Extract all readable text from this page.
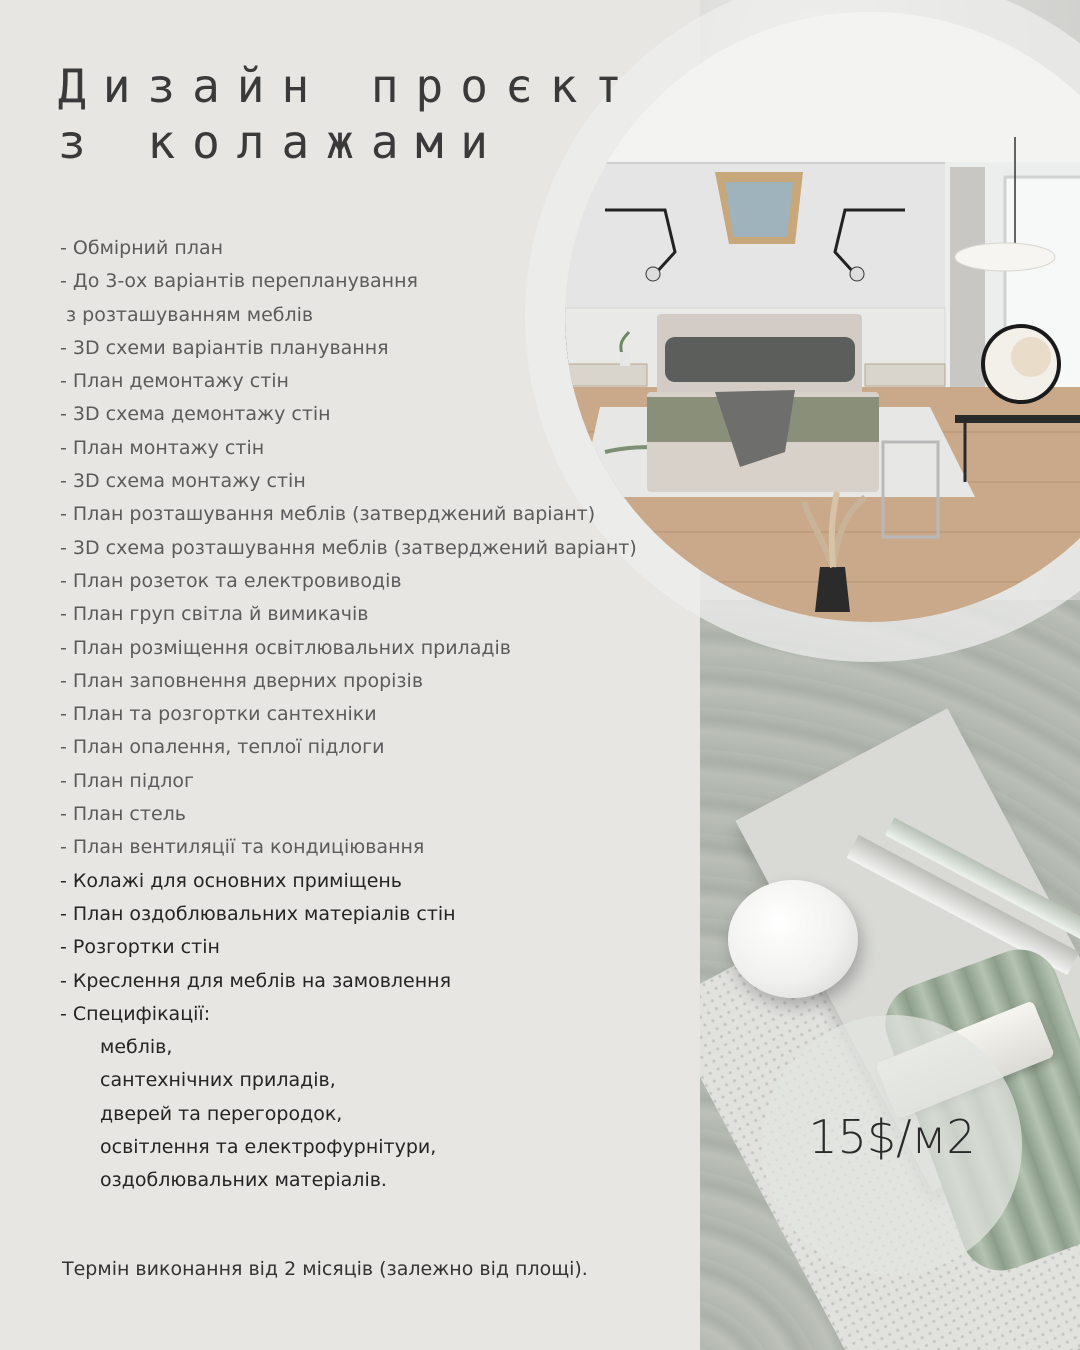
15$/м2
Дизайн проєкт
з колажами
- Обмірний план
- До 3-ох варіантів перепланування
з розташуванням меблів
- 3D схеми варіантів планування
- План демонтажу стін
- 3D схема демонтажу стін
- План монтажу стін
- 3D схема монтажу стін
- План розташування меблів (затверджений варіант)
- 3D схема розташування меблів (затверджений варіант)
- План розеток та електровиводів
- План груп світла й вимикачів
- План розміщення освітлювальних приладів
- План заповнення дверних прорізів
- План та розгортки сантехніки
- План опалення, теплої підлоги
- План підлог
- План стель
- План вентиляції та кондиціювання
- Колажі для основних приміщень
- План оздоблювальних матеріалів стін
- Розгортки стін
- Креслення для меблів на замовлення
- Специфікації:
меблів,
сантехнічних приладів,
дверей та перегородок,
освітлення та електрофурнітури,
оздоблювальних матеріалів.
Термін виконання від 2 місяців (залежно від площі).
